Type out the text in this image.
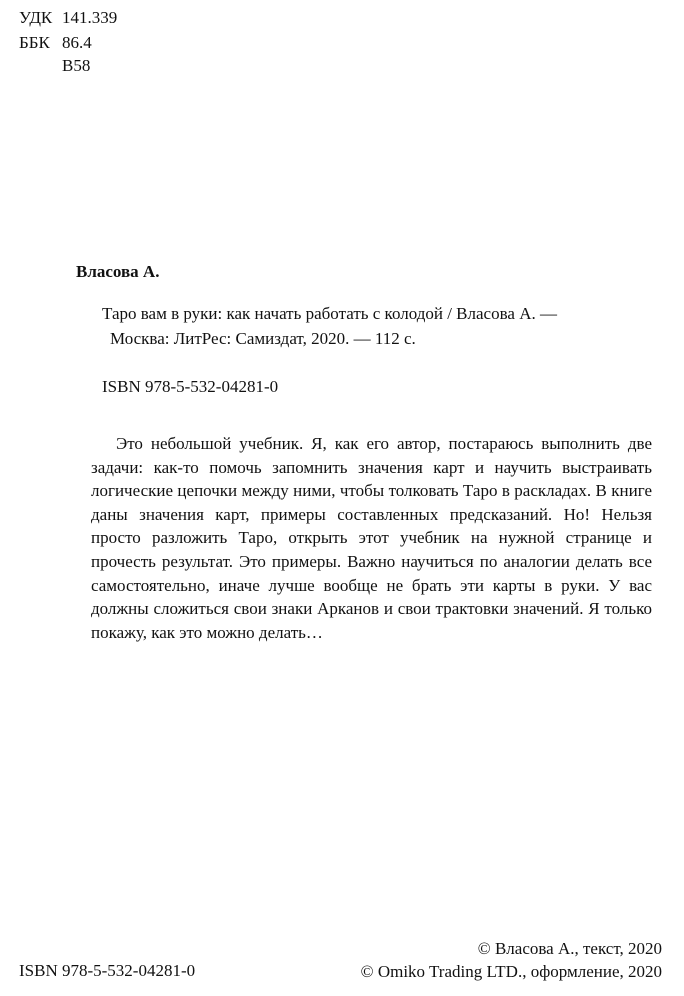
УДК 141.339
ББК 86.4
В58
Власова А.
Таро вам в руки: как начать работать с колодой / Власова А. —
Москва: ЛитРес: Самиздат, 2020. — 112 с.
ISBN 978-5-532-04281-0

Это небольшой учебник. Я, как его автор, постараюсь выполнить две задачи: как-то помочь запомнить значения карт и научить выстраивать логические цепочки между ними, чтобы толковать Таро в раскладах. В книге даны значения карт, примеры составленных предсказаний. Но! Нельзя просто разложить Таро, открыть этот учебник на нужной странице и прочесть результат. Это примеры. Важно научиться по аналогии делать все самостоятельно, иначе лучше вообще не брать эти карты в руки. У вас должны сложиться свои знаки Арканов и свои трактовки значений. Я только покажу, как это можно делать…

ISBN 978-5-532-04281-0
© Власова А., текст, 2020
© Omiko Trading LTD., оформление, 2020
